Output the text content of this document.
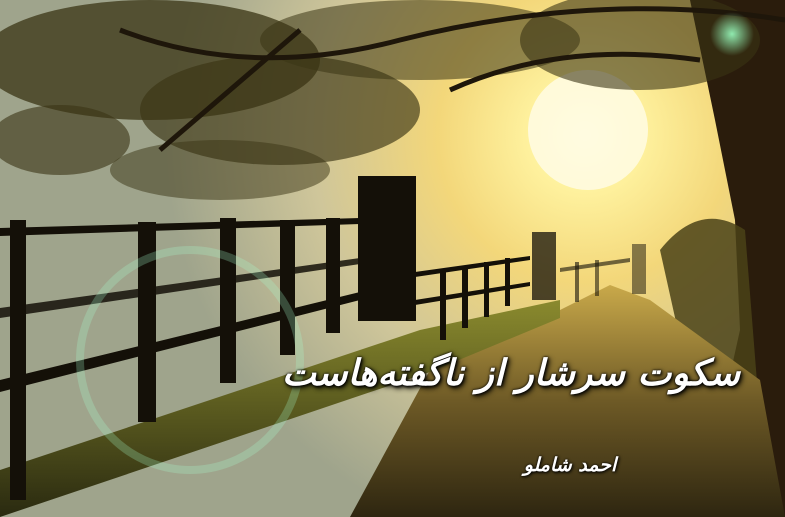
سکوت سرشار از ناگفته‌هاست
احمد شاملو
